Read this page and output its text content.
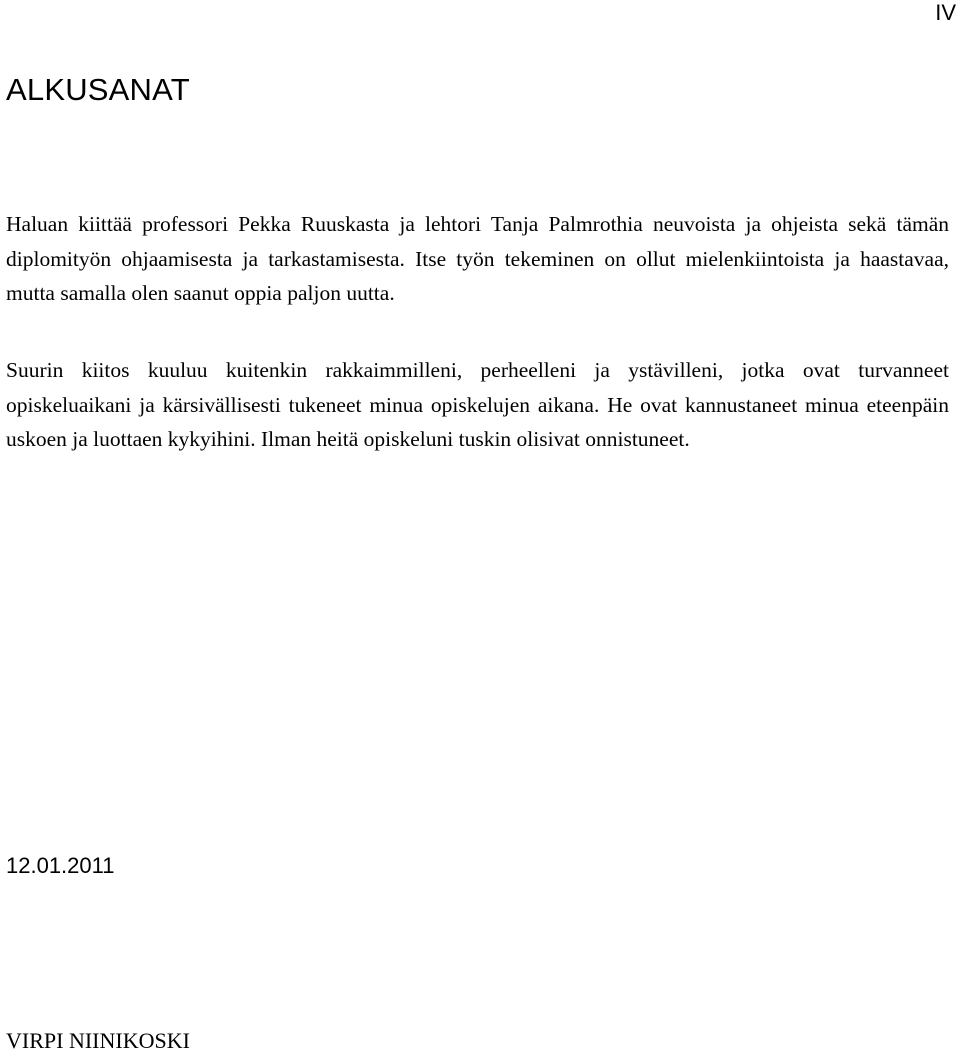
IV
ALKUSANAT

Haluan kiittää professori Pekka Ruuskasta ja lehtori Tanja Palmrothia neuvoista ja ohjeista sekä tämän diplomityön ohjaamisesta ja tarkastamisesta. Itse työn tekeminen on ollut mielenkiintoista ja haastavaa, mutta samalla olen saanut oppia paljon uutta.

Suurin kiitos kuuluu kuitenkin rakkaimmilleni, perheelleni ja ystävilleni, jotka ovat turvanneet opiskeluaikani ja kärsivällisesti tukeneet minua opiskelujen aikana. He ovat kannustaneet minua eteenpäin uskoen ja luottaen kykyihini. Ilman heitä opiskeluni tuskin olisivat onnistuneet.

12.01.2011
VIRPI NIINIKOSKI
